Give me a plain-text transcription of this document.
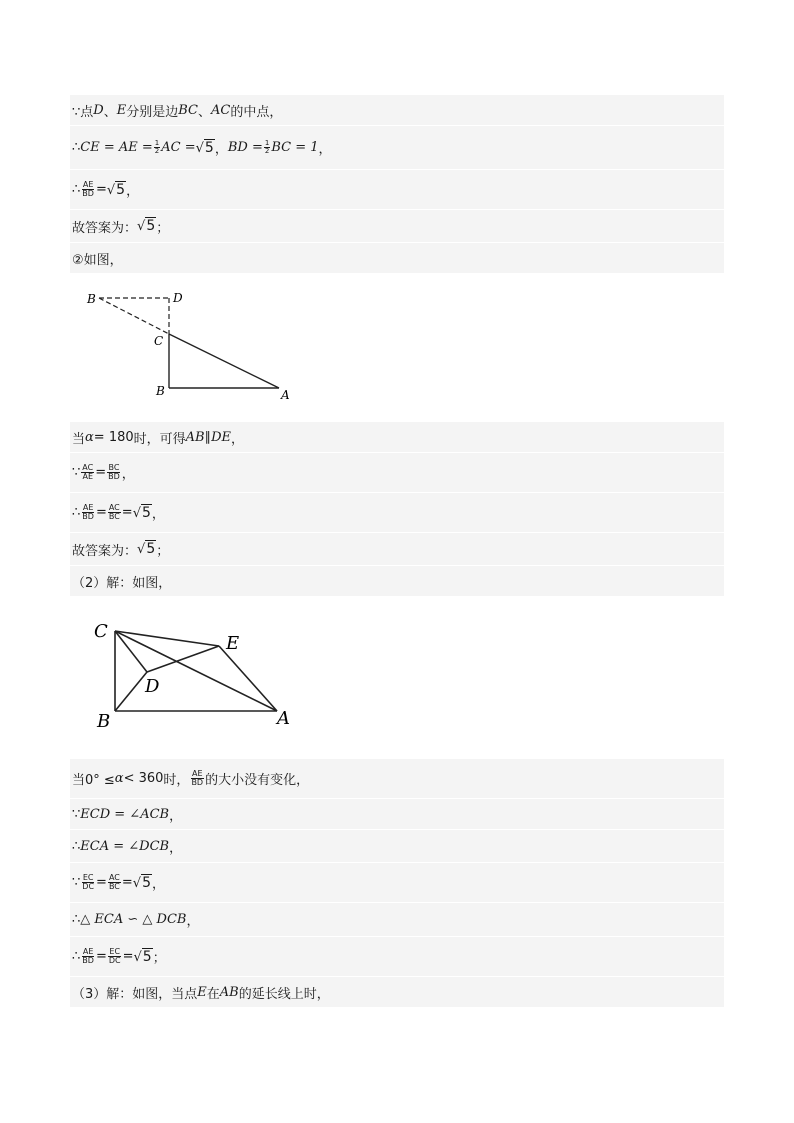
∵点 D 、 E 分别是边 BC 、 AC 的中点，
∴ CE = AE = $\frac{1}{2}$ AC = √5 ， BD = $\frac{1}{2}$ BC = 1 ，
∴ $\frac{AE}{BD} = √5$ ，
故答案为： √5 ；
②如图，
B	D
C
B	A
当 α = 180 时，可得 AB ∥ DE ，
∵ $\frac{AC}{AE} = \frac{BC}{BD}$ ，
∴ $\frac{AE}{BD} = \frac{AC}{BC} = √5$ ，
故答案为： √5 ；
（2）解：如图，
C
E
D
B	A
当0° ≤ α < 360 时， $\frac{AE}{BD}$ 的大小没有变化，
∵ ECD = ∠ACB ，
∴ ECA = ∠DCB ，
∵ $\frac{EC}{DC} = \frac{AC}{BC} = √5$ ，
∴ △ ECA ∽ △ DCB ，
∴ $\frac{AE}{BD} = \frac{EC}{DC} = √5$ ；
（3）解：如图，当点 E 在 AB 的延长线上时，
